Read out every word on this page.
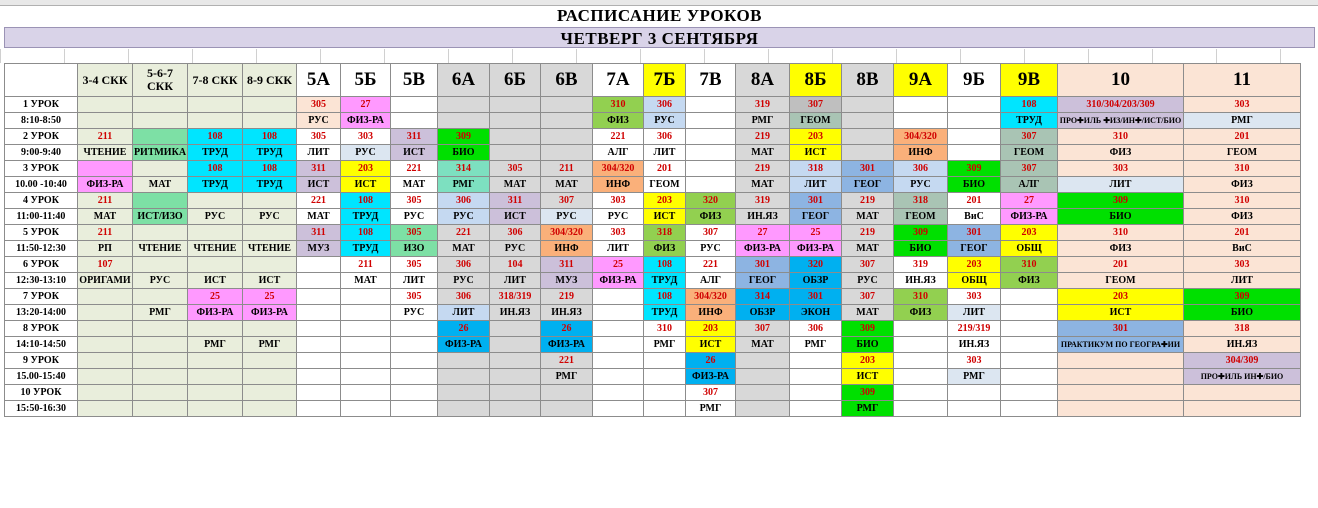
РАСПИСАНИЕ УРОКОВ
ЧЕТВЕРГ 3 СЕНТЯБРЯ
	3-4 СКК	5-6-7 СКК	7-8 СКК	8-9 СКК	5А	5Б	5В	6А	6Б	6В	7А	7Б	7В	8А	8Б	8В	9А	9Б	9В	10	11
1 УРОК					305	27					310	306		319	307				108	310/304/203/309	303
8:10-8:50					РУС	ФИЗ-РА					ФИЗ	РУС		РМГ	ГЕОМ				ТРУД	ПРО✚ИЛЬ ✚ИЗ/ИН✚/ИСТ/БИО	РМГ
2 УРОК	211		108	108	305	303	311	309			221	306		219	203		304/320		307	310	201
9:00-9:40	ЧТЕНИЕ	РИТМИКА	ТРУД	ТРУД	ЛИТ	РУС	ИСТ	БИО			АЛГ	ЛИТ		МАТ	ИСТ		ИНФ		ГЕОМ	ФИЗ	ГЕОМ
3 УРОК			108	108	311	203	221	314	305	211	304/320	201		219	318	301	306	309	307	303	310
10.00 -10:40	ФИЗ-РА	МАТ	ТРУД	ТРУД	ИСТ	ИСТ	МАТ	РМГ	МАТ	МАТ	ИНФ	ГЕОМ		МАТ	ЛИТ	ГЕОГ	РУС	БИО	АЛГ	ЛИТ	ФИЗ
4 УРОК	211				221	108	305	306	311	307	303	203	320	319	301	219	318	201	27	309	310
11:00-11:40	МАТ	ИСТ/ИЗО	РУС	РУС	МАТ	ТРУД	РУС	РУС	ИСТ	РУС	РУС	ИСТ	ФИЗ	ИН.ЯЗ	ГЕОГ	МАТ	ГЕОМ	ВиС	ФИЗ-РА	БИО	ФИЗ
5 УРОК	211				311	108	305	221	306	304/320	303	318	307	27	25	219	309	301	203	310	201
11:50-12:30	РП	ЧТЕНИЕ	ЧТЕНИЕ	ЧТЕНИЕ	МУЗ	ТРУД	ИЗО	МАТ	РУС	ИНФ	ЛИТ	ФИЗ	РУС	ФИЗ-РА	ФИЗ-РА	МАТ	БИО	ГЕОГ	ОБЩ	ФИЗ	ВиС
6 УРОК	107					211	305	306	104	311	25	108	221	301	320	307	319	203	310	201	303
12:30-13:10	ОРИГАМИ	РУС	ИСТ	ИСТ		МАТ	ЛИТ	РУС	ЛИТ	МУЗ	ФИЗ-РА	ТРУД	АЛГ	ГЕОГ	ОБЗР	РУС	ИН.ЯЗ	ОБЩ	ФИЗ	ГЕОМ	ЛИТ
7 УРОК			25	25			305	306	318/319	219		108	304/320	314	301	307	310	303		203	309
13:20-14:00		РМГ	ФИЗ-РА	ФИЗ-РА			РУС	ЛИТ	ИН.ЯЗ	ИН.ЯЗ		ТРУД	ИНФ	ОБЗР	ЭКОН	МАТ	ФИЗ	ЛИТ		ИСТ	БИО
8 УРОК								26		26		310	203	307	306	309		219/319		301	318
14:10-14:50			РМГ	РМГ				ФИЗ-РА		ФИЗ-РА		РМГ	ИСТ	МАТ	РМГ	БИО		ИН.ЯЗ		ПРАКТИКУМ ПО ГЕОГРА✚ИИ	ИН.ЯЗ
9 УРОК										221			26			203		303			304/309
15.00-15:40										РМГ			ФИЗ-РА			ИСТ		РМГ			ПРО✚ИЛЬ ИН✚/БИО
10 УРОК													307			309					
15:50-16:30													РМГ			РМГ					
